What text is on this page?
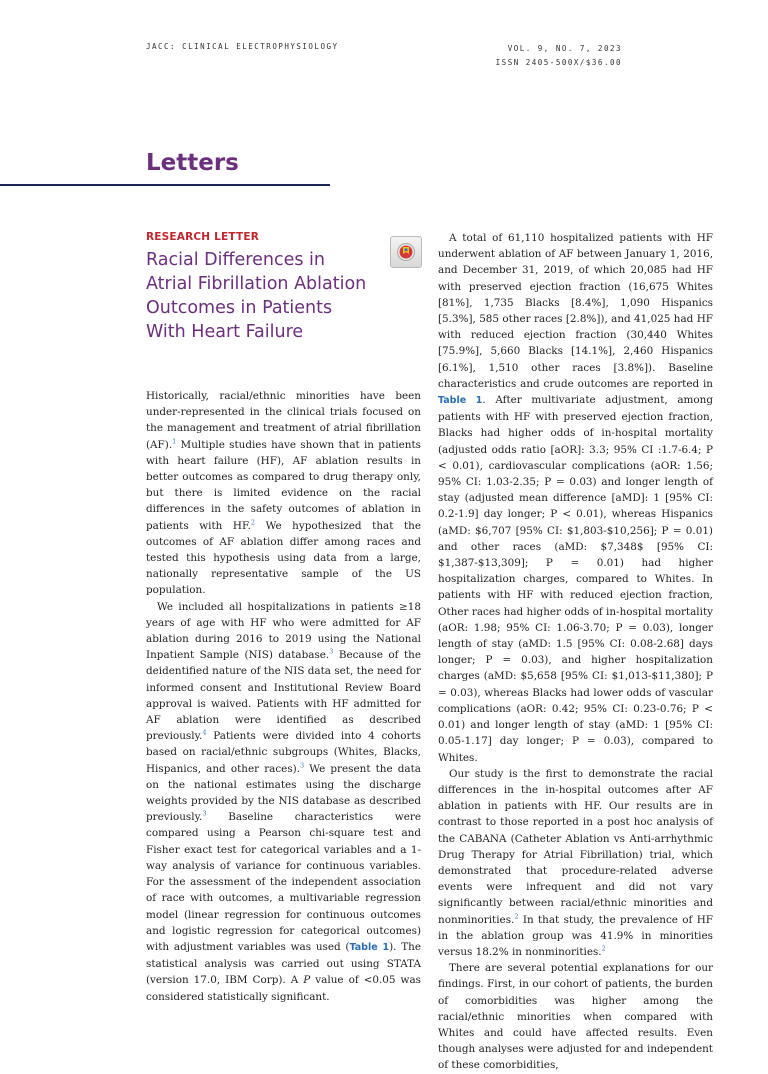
JACC: CLINICAL ELECTROPHYSIOLOGY	VOL. 9, NO. 7, 2023
ISSN 2405-500X/$36.00
Letters
RESEARCH LETTER
Racial Differences in Atrial Fibrillation Ablation Outcomes in Patients With Heart Failure

Historically, racial/ethnic minorities have been under-represented in the clinical trials focused on the management and treatment of atrial fibrillation (AF).$^1$ Multiple studies have shown that in patients with heart failure (HF), AF ablation results in better outcomes as compared to drug therapy only, but there is limited evidence on the racial differences in the safety outcomes of ablation in patients with HF.$^2$ We hypothesized that the outcomes of AF ablation differ among races and tested this hypothesis using data from a large, nationally representative sample of the US population.

We included all hospitalizations in patients ≥18 years of age with HF who were admitted for AF ablation during 2016 to 2019 using the National Inpatient Sample (NIS) database.$^3$ Because of the deidentified nature of the NIS data set, the need for informed consent and Institutional Review Board approval is waived. Patients with HF admitted for AF ablation were identified as described previously.$^4$ Patients were divided into 4 cohorts based on racial/ethnic subgroups (Whites, Blacks, Hispanics, and other races).$^3$ We present the data on the national estimates using the discharge weights provided by the NIS database as described previously.$^3$ Baseline characteristics were compared using a Pearson chi-square test and Fisher exact test for categorical variables and a 1-way analysis of variance for continuous variables. For the assessment of the independent association of race with outcomes, a multivariable regression model (linear regression for continuous outcomes and logistic regression for categorical outcomes) with adjustment variables was used (Table 1). The statistical analysis was carried out using STATA (version 17.0, IBM Corp). A P value of <0.05 was considered statistically significant.

A total of 61,110 hospitalized patients with HF underwent ablation of AF between January 1, 2016, and December 31, 2019, of which 20,085 had HF with preserved ejection fraction (16,675 Whites [81%], 1,735 Blacks [8.4%], 1,090 Hispanics [5.3%], 585 other races [2.8%]), and 41,025 had HF with reduced ejection fraction (30,440 Whites [75.9%], 5,660 Blacks [14.1%], 2,460 Hispanics [6.1%], 1,510 other races [3.8%]). Baseline characteristics and crude outcomes are reported in Table 1. After multivariate adjustment, among patients with HF with preserved ejection fraction, Blacks had higher odds of in-hospital mortality (adjusted odds ratio [aOR]: 3.3; 95% CI :1.7-6.4; P < 0.01), cardiovascular complications (aOR: 1.56; 95% CI: 1.03-2.35; P = 0.03) and longer length of stay (adjusted mean difference [aMD]: 1 [95% CI: 0.2-1.9] day longer; P < 0.01), whereas Hispanics (aMD: $6,707 [95% CI: $1,803-$10,256]; P = 0.01) and other races (aMD: $7,348$ [95% CI: $1,387-$13,309]; P = 0.01) had higher hospitalization charges, compared to Whites. In patients with HF with reduced ejection fraction, Other races had higher odds of in-hospital mortality (aOR: 1.98; 95% CI: 1.06-3.70; P = 0.03), longer length of stay (aMD: 1.5 [95% CI: 0.08-2.68] days longer; P = 0.03), and higher hospitalization charges (aMD: $5,658 [95% CI: $1,013-$11,380]; P = 0.03), whereas Blacks had lower odds of vascular complications (aOR: 0.42; 95% CI: 0.23-0.76; P < 0.01) and longer length of stay (aMD: 1 [95% CI: 0.05-1.17] day longer; P = 0.03), compared to Whites.

Our study is the first to demonstrate the racial differences in the in-hospital outcomes after AF ablation in patients with HF. Our results are in contrast to those reported in a post hoc analysis of the CABANA (Catheter Ablation vs Anti-arrhythmic Drug Therapy for Atrial Fibrillation) trial, which demonstrated that procedure-related adverse events were infrequent and did not vary significantly between racial/ethnic minorities and nonminorities.$^2$ In that study, the prevalence of HF in the ablation group was 41.9% in minorities versus 18.2% in nonminorities.$^2$

There are several potential explanations for our findings. First, in our cohort of patients, the burden of comorbidities was higher among the racial/ethnic minorities when compared with Whites and could have affected results. Even though analyses were adjusted for and independent of these comorbidities,
